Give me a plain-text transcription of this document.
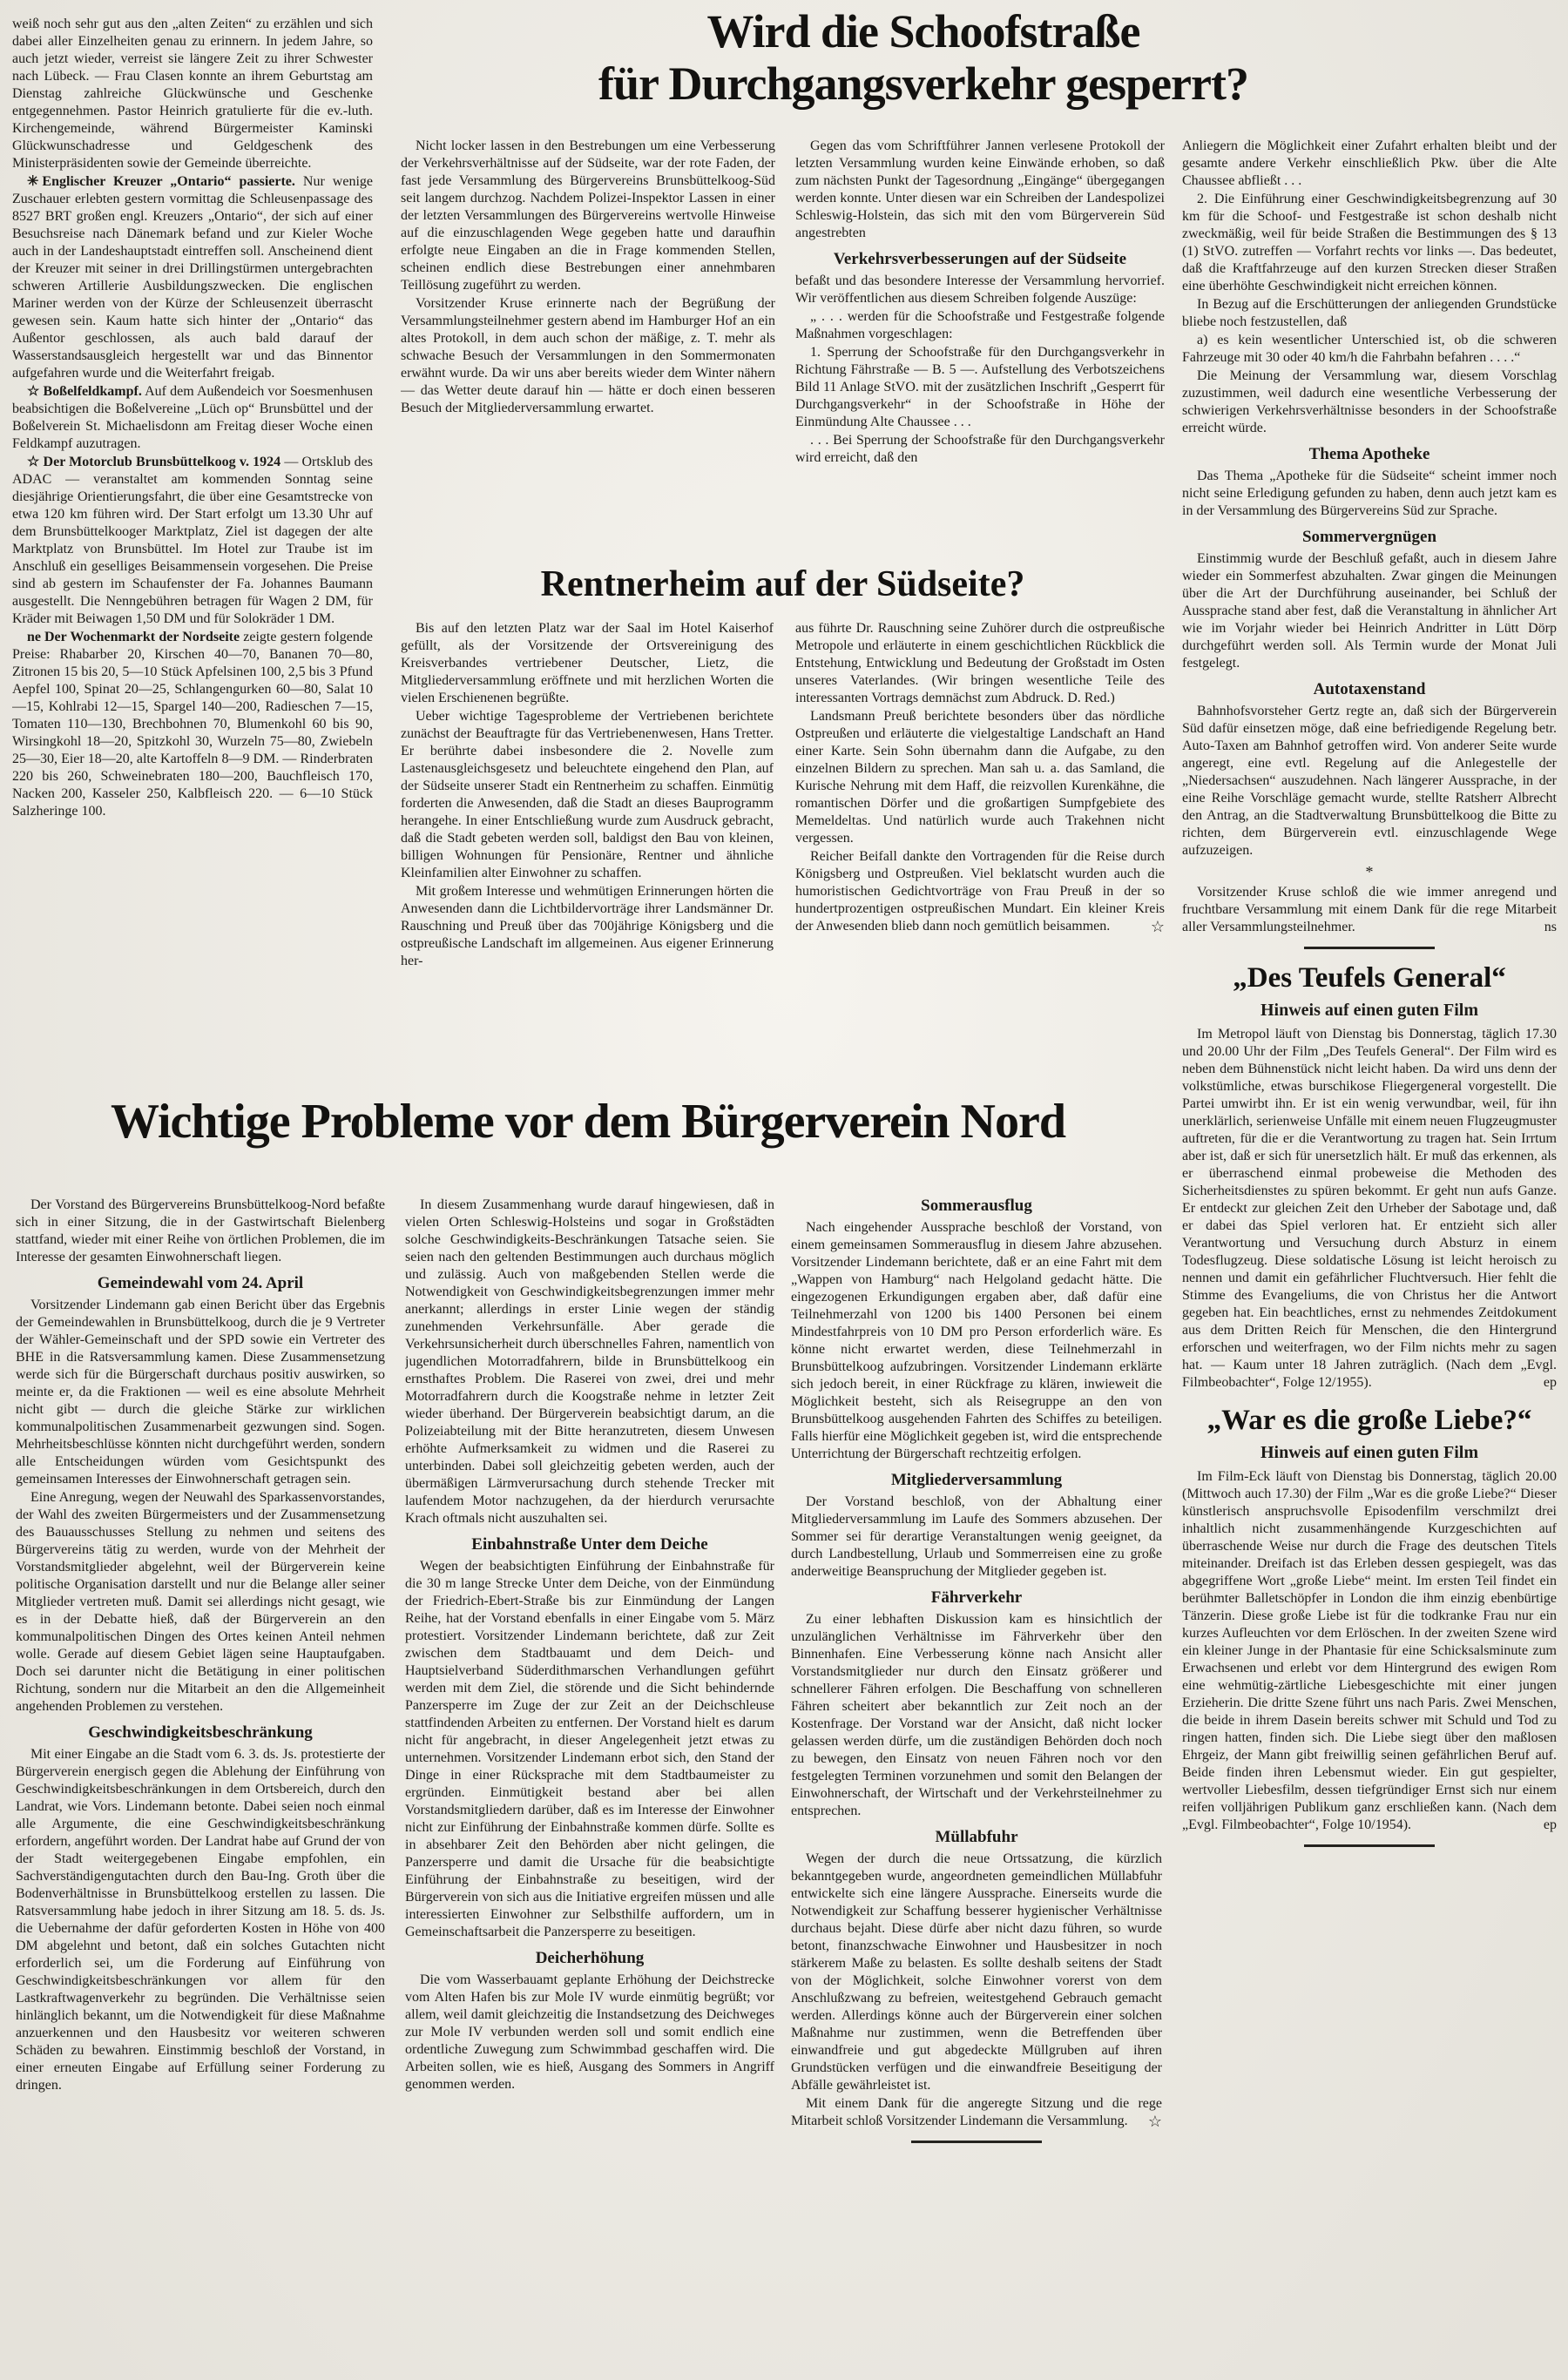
weiß noch sehr gut aus den „alten Zeiten“ zu erzählen und sich dabei aller Einzelheiten genau zu erinnern. In jedem Jahre, so auch jetzt wieder, verreist sie längere Zeit zu ihrer Schwester nach Lübeck. — Frau Clasen konnte an ihrem Geburtstag am Dienstag zahlreiche Glückwünsche und Geschenke entgegennehmen. Pastor Heinrich gratulierte für die ev.-luth. Kirchengemeinde, während Bürgermeister Kaminski Glückwunschadresse und Geldgeschenk des Ministerpräsidenten sowie der Gemeinde überreichte.

✳ Englischer Kreuzer „Ontario“ passierte. Nur wenige Zuschauer erlebten gestern vormittag die Schleusenpassage des 8527 BRT großen engl. Kreuzers „Ontario“, der sich auf einer Besuchsreise nach Dänemark befand und zur Kieler Woche auch in der Landeshauptstadt eintreffen soll. Anscheinend dient der Kreuzer mit seiner in drei Drillingstürmen untergebrachten schweren Artillerie Ausbildungszwecken. Die englischen Mariner werden von der Kürze der Schleusenzeit überrascht gewesen sein. Kaum hatte sich hinter der „Ontario“ das Außentor geschlossen, als auch bald darauf der Wasserstandsausgleich hergestellt war und das Binnentor aufgefahren wurde und die Weiterfahrt freigab.

☆ Boßelfeldkampf. Auf dem Außendeich vor Soesmenhusen beabsichtigen die Boßelvereine „Lüch op“ Brunsbüttel und der Boßelverein St. Michaelisdonn am Freitag dieser Woche einen Feldkampf auzutragen.

☆ Der Motorclub Brunsbüttelkoog v. 1924 — Ortsklub des ADAC — veranstaltet am kommenden Sonntag seine diesjährige Orientierungsfahrt, die über eine Gesamtstrecke von etwa 120 km führen wird. Der Start erfolgt um 13.30 Uhr auf dem Brunsbüttelkooger Marktplatz, Ziel ist dagegen der alte Marktplatz von Brunsbüttel. Im Hotel zur Traube ist im Anschluß ein geselliges Beisammensein vorgesehen. Die Preise sind ab gestern im Schaufenster der Fa. Johannes Baumann ausgestellt. Die Nenngebühren betragen für Wagen 2 DM, für Kräder mit Beiwagen 1,50 DM und für Solokräder 1 DM.

ne Der Wochenmarkt der Nordseite zeigte gestern folgende Preise: Rhabarber 20, Kirschen 40—70, Bananen 70—80, Zitronen 15 bis 20, 5—10 Stück Apfelsinen 100, 2,5 bis 3 Pfund Aepfel 100, Spinat 20—25, Schlangengurken 60—80, Salat 10—15, Kohlrabi 12—15, Spargel 140—200, Radieschen 7—15, Tomaten 110—130, Brechbohnen 70, Blumenkohl 60 bis 90, Wirsingkohl 18—20, Spitzkohl 30, Wurzeln 75—80, Zwiebeln 25—30, Eier 18—20, alte Kartoffeln 8—9 DM. — Rinderbraten 220 bis 260, Schweinebraten 180—200, Bauchfleisch 170, Nacken 200, Kasseler 250, Kalbfleisch 220. — 6—10 Stück Salzheringe 100.

Wird die Schoofstraße
für Durchgangsverkehr gesperrt?

Nicht locker lassen in den Bestrebungen um eine Verbesserung der Verkehrsverhältnisse auf der Südseite, war der rote Faden, der fast jede Versammlung des Bürgervereins Brunsbüttelkoog-Süd seit langem durchzog. Nachdem Polizei-Inspektor Lassen in einer der letzten Versammlungen des Bürgervereins wertvolle Hinweise auf die einzuschlagenden Wege gegeben hatte und daraufhin erfolgte neue Eingaben an die in Frage kommenden Stellen, scheinen endlich diese Bestrebungen einer annehmbaren Teillösung zugeführt zu werden.

Vorsitzender Kruse erinnerte nach der Begrüßung der Versammlungsteilnehmer gestern abend im Hamburger Hof an ein altes Protokoll, in dem auch schon der mäßige, z. T. mehr als schwache Besuch der Versammlungen in den Sommermonaten erwähnt wurde. Da wir uns aber bereits wieder dem Winter nähern — das Wetter deute darauf hin — hätte er doch einen besseren Besuch der Mitgliederversammlung erwartet.

Gegen das vom Schriftführer Jannen verlesene Protokoll der letzten Versammlung wurden keine Einwände erhoben, so daß zum nächsten Punkt der Tagesordnung „Eingänge“ übergegangen werden konnte. Unter diesen war ein Schreiben der Landespolizei Schleswig-Holstein, das sich mit den vom Bürgerverein Süd angestrebten

Verkehrsverbesserungen auf der Südseite

befaßt und das besondere Interesse der Versammlung hervorrief. Wir veröffentlichen aus diesem Schreiben folgende Auszüge:

„ . . . werden für die Schoofstraße und Festgestraße folgende Maßnahmen vorgeschlagen:

1. Sperrung der Schoofstraße für den Durchgangsverkehr in Richtung Fährstraße — B. 5 —. Aufstellung des Verbotszeichens Bild 11 Anlage StVO. mit der zusätzlichen Inschrift „Gesperrt für Durchgangsverkehr“ in der Schoofstraße in Höhe der Einmündung Alte Chaussee . . .

. . . Bei Sperrung der Schoofstraße für den Durchgangsverkehr wird erreicht, daß den

Rentnerheim auf der Südseite?

Bis auf den letzten Platz war der Saal im Hotel Kaiserhof gefüllt, als der Vorsitzende der Ortsvereinigung des Kreisverbandes vertriebener Deutscher, Lietz, die Mitgliederversammlung eröffnete und mit herzlichen Worten die vielen Erschienenen begrüßte.

Ueber wichtige Tagesprobleme der Vertriebenen berichtete zunächst der Beauftragte für das Vertriebenenwesen, Hans Tretter. Er berührte dabei insbesondere die 2. Novelle zum Lastenausgleichsgesetz und beleuchtete eingehend den Plan, auf der Südseite unserer Stadt ein Rentnerheim zu schaffen. Einmütig forderten die Anwesenden, daß die Stadt an dieses Bauprogramm herangehe. In einer Entschließung wurde zum Ausdruck gebracht, daß die Stadt gebeten werden soll, baldigst den Bau von kleinen, billigen Wohnungen für Pensionäre, Rentner und ähnliche Kleinfamilien alter Einwohner zu schaffen.

Mit großem Interesse und wehmütigen Erinnerungen hörten die Anwesenden dann die Lichtbildervorträge ihrer Landsmänner Dr. Rauschning und Preuß über das 700jährige Königsberg und die ostpreußische Landschaft im allgemeinen. Aus eigener Erinnerung her-

aus führte Dr. Rauschning seine Zuhörer durch die ostpreußische Metropole und erläuterte in einem geschichtlichen Rückblick die Entstehung, Entwicklung und Bedeutung der Großstadt im Osten unseres Vaterlandes. (Wir bringen wesentliche Teile des interessanten Vortrags demnächst zum Abdruck. D. Red.)

Landsmann Preuß berichtete besonders über das nördliche Ostpreußen und erläuterte die vielgestaltige Landschaft an Hand einer Karte. Sein Sohn übernahm dann die Aufgabe, zu den einzelnen Bildern zu sprechen. Man sah u. a. das Samland, die Kurische Nehrung mit dem Haff, die reizvollen Kurenkähne, die romantischen Dörfer und die großartigen Sumpfgebiete des Memeldeltas. Und natürlich wurde auch Trakehnen nicht vergessen.

Reicher Beifall dankte den Vortragenden für die Reise durch Königsberg und Ostpreußen. Viel beklatscht wurden auch die humoristischen Gedichtvorträge von Frau Preuß in der so hundertprozentigen ostpreußischen Mundart. Ein kleiner Kreis der Anwesenden blieb dann noch gemütlich beisammen.	☆

Anliegern die Möglichkeit einer Zufahrt erhalten bleibt und der gesamte andere Verkehr einschließlich Pkw. über die Alte Chaussee abfließt . . .

2. Die Einführung einer Geschwindigkeitsbegrenzung auf 30 km für die Schoof- und Festgestraße ist schon deshalb nicht zweckmäßig, weil für beide Straßen die Bestimmungen des § 13 (1) StVO. zutreffen — Vorfahrt rechts vor links —. Das bedeutet, daß die Kraftfahrzeuge auf den kurzen Strecken dieser Straßen eine überhöhte Geschwindigkeit nicht erreichen können.

In Bezug auf die Erschütterungen der anliegenden Grundstücke bliebe noch festzustellen, daß

a) es kein wesentlicher Unterschied ist, ob die schweren Fahrzeuge mit 30 oder 40 km/h die Fahrbahn befahren . . . .“

Die Meinung der Versammlung war, diesem Vorschlag zuzustimmen, weil dadurch eine wesentliche Verbesserung der schwierigen Verkehrsverhältnisse besonders in der Schoofstraße erreicht würde.

Thema Apotheke

Das Thema „Apotheke für die Südseite“ scheint immer noch nicht seine Erledigung gefunden zu haben, denn auch jetzt kam es in der Versammlung des Bürgervereins Süd zur Sprache.

Sommervergnügen

Einstimmig wurde der Beschluß gefaßt, auch in diesem Jahre wieder ein Sommerfest abzuhalten. Zwar gingen die Meinungen über die Art der Durchführung auseinander, bei Schluß der Aussprache stand aber fest, daß die Veranstaltung in ähnlicher Art wie im Vorjahr wieder bei Heinrich Andritter in Lütt Dörp durchgeführt werden soll. Als Termin wurde der Monat Juli festgelegt.

Autotaxenstand

Bahnhofsvorsteher Gertz regte an, daß sich der Bürgerverein Süd dafür einsetzen möge, daß eine befriedigende Regelung betr. Auto-Taxen am Bahnhof getroffen wird. Von anderer Seite wurde angeregt, eine evtl. Regelung auf die Anlegestelle der „Niedersachsen“ auszudehnen. Nach längerer Aussprache, in der eine Reihe Vorschläge gemacht wurde, stellte Ratsherr Albrecht den Antrag, an die Stadtverwaltung Brunsbüttelkoog die Bitte zu richten, dem Bürgerverein evtl. einzuschlagende Wege aufzuzeigen.

*

Vorsitzender Kruse schloß die wie immer anregend und fruchtbare Versammlung mit einem Dank für die rege Mitarbeit aller Versammlungsteilnehmer.	ns
„Des Teufels General“
Hinweis auf einen guten Film

Im Metropol läuft von Dienstag bis Donnerstag, täglich 17.30 und 20.00 Uhr der Film „Des Teufels General“. Der Film wird es neben dem Bühnenstück nicht leicht haben. Da wird uns denn der volkstümliche, etwas burschikose Fliegergeneral vorgestellt. Die Partei umwirbt ihn. Er ist ein wenig verwundbar, weil, für ihn unerklärlich, serienweise Unfälle mit einem neuen Flugzeugmuster auftreten, für die er die Verantwortung zu tragen hat. Sein Irrtum aber ist, daß er sich für unersetzlich hält. Er muß das erkennen, als er überraschend einmal probeweise die Methoden des Sicherheitsdienstes zu spüren bekommt. Er geht nun aufs Ganze. Er entdeckt zur gleichen Zeit den Urheber der Sabotage und, daß er dabei das Spiel verloren hat. Er entzieht sich aller Verantwortung und Versuchung durch Absturz in einem Todesflugzeug. Diese soldatische Lösung ist leicht heroisch zu nennen und damit ein gefährlicher Fluchtversuch. Hier fehlt die Stimme des Evangeliums, die von Christus her die Antwort gegeben hat. Ein beachtliches, ernst zu nehmendes Zeitdokument aus dem Dritten Reich für Menschen, die den Hintergrund erforschen und weiterfragen, wo der Film nichts mehr zu sagen hat. — Kaum unter 18 Jahren zuträglich. (Nach dem „Evgl. Filmbeobachter“, Folge 12/1955).	ep
„War es die große Liebe?“
Hinweis auf einen guten Film

Im Film-Eck läuft von Dienstag bis Donnerstag, täglich 20.00 (Mittwoch auch 17.30) der Film „War es die große Liebe?“ Dieser künstlerisch anspruchsvolle Episodenfilm verschmilzt drei inhaltlich nicht zusammenhängende Kurzgeschichten auf überraschende Weise nur durch die Frage des deutschen Titels miteinander. Dreifach ist das Erleben dessen gespiegelt, was das abgegriffene Wort „große Liebe“ meint. Im ersten Teil findet ein berühmter Balletschöpfer in London die ihm einzig ebenbürtige Tänzerin. Diese große Liebe ist für die todkranke Frau nur ein kurzes Aufleuchten vor dem Erlöschen. In der zweiten Szene wird ein kleiner Junge in der Phantasie für eine Schicksalsminute zum Erwachsenen und erlebt vor dem Hintergrund des ewigen Rom eine wehmütig-zärtliche Liebesgeschichte mit einer jungen Erzieherin. Die dritte Szene führt uns nach Paris. Zwei Menschen, die beide in ihrem Dasein bereits schwer mit Schuld und Tod zu ringen hatten, finden sich. Die Liebe siegt über den maßlosen Ehrgeiz, der Mann gibt freiwillig seinen gefährlichen Beruf auf. Beide finden ihren Lebensmut wieder. Ein gut gespielter, wertvoller Liebesfilm, dessen tiefgründiger Ernst sich nur einem reifen volljährigen Publikum ganz erschließen kann. (Nach dem „Evgl. Filmbeobachter“, Folge 10/1954).	ep
Wichtige Probleme vor dem Bürgerverein Nord

Der Vorstand des Bürgervereins Brunsbüttelkoog-Nord befaßte sich in einer Sitzung, die in der Gastwirtschaft Bielenberg stattfand, wieder mit einer Reihe von örtlichen Problemen, die im Interesse der gesamten Einwohnerschaft liegen.

Gemeindewahl vom 24. April

Vorsitzender Lindemann gab einen Bericht über das Ergebnis der Gemeindewahlen in Brunsbüttelkoog, durch die je 9 Vertreter der Wähler-Gemeinschaft und der SPD sowie ein Vertreter des BHE in die Ratsversammlung kamen. Diese Zusammensetzung werde sich für die Bürgerschaft durchaus positiv auswirken, so meinte er, da die Fraktionen — weil es eine absolute Mehrheit nicht gibt — durch die gleiche Stärke zur wirklichen kommunalpolitischen Zusammenarbeit gezwungen sind. Sogen. Mehrheitsbeschlüsse könnten nicht durchgeführt werden, sondern alle Entscheidungen würden vom Gesichtspunkt des gemeinsamen Interesses der Einwohnerschaft getragen sein.

Eine Anregung, wegen der Neuwahl des Sparkassenvorstandes, der Wahl des zweiten Bürgermeisters und der Zusammensetzung des Bauausschusses Stellung zu nehmen und seitens des Bürgervereins tätig zu werden, wurde von der Mehrheit der Vorstandsmitglieder abgelehnt, weil der Bürgerverein keine politische Organisation darstellt und nur die Belange aller seiner Mitglieder vertreten muß. Damit sei allerdings nicht gesagt, wie es in der Debatte hieß, daß der Bürgerverein an den kommunalpolitischen Dingen des Ortes keinen Anteil nehmen wolle. Gerade auf diesem Gebiet lägen seine Hauptaufgaben. Doch sei darunter nicht die Betätigung in einer politischen Richtung, sondern nur die Mitarbeit an den die Allgemeinheit angehenden Problemen zu verstehen.

Geschwindigkeitsbeschränkung

Mit einer Eingabe an die Stadt vom 6. 3. ds. Js. protestierte der Bürgerverein energisch gegen die Ablehung der Einführung von Geschwindigkeitsbeschränkungen in dem Ortsbereich, durch den Landrat, wie Vors. Lindemann betonte. Dabei seien noch einmal alle Argumente, die eine Geschwindigkeitsbeschränkung erfordern, angeführt worden. Der Landrat habe auf Grund der von der Stadt weitergegebenen Eingabe empfohlen, ein Sachverständigengutachten durch den Bau-Ing. Groth über die Bodenverhältnisse in Brunsbüttelkoog erstellen zu lassen. Die Ratsversammlung habe jedoch in ihrer Sitzung am 18. 5. ds. Js. die Uebernahme der dafür geforderten Kosten in Höhe von 400 DM abgelehnt und betont, daß ein solches Gutachten nicht erforderlich sei, um die Forderung auf Einführung von Geschwindigkeitsbeschränkungen vor allem für den Lastkraftwagenverkehr zu begründen. Die Verhältnisse seien hinlänglich bekannt, um die Notwendigkeit für diese Maßnahme anzuerkennen und den Hausbesitz vor weiteren schweren Schäden zu bewahren. Einstimmig beschloß der Vorstand, in einer erneuten Eingabe auf Erfüllung seiner Forderung zu dringen.

In diesem Zusammenhang wurde darauf hingewiesen, daß in vielen Orten Schleswig-Holsteins und sogar in Großstädten solche Geschwindigkeits-Beschränkungen Tatsache seien. Sie seien nach den geltenden Bestimmungen auch durchaus möglich und zulässig. Auch von maßgebenden Stellen werde die Notwendigkeit von Geschwindigkeitsbegrenzungen immer mehr anerkannt; allerdings in erster Linie wegen der ständig zunehmenden Verkehrsunfälle. Aber gerade die Verkehrsunsicherheit durch überschnelles Fahren, namentlich von jugendlichen Motorradfahrern, bilde in Brunsbüttelkoog ein ernsthaftes Problem. Die Raserei von zwei, drei und mehr Motorradfahrern durch die Koogstraße nehme in letzter Zeit wieder überhand. Der Bürgerverein beabsichtigt darum, an die Polizeiabteilung mit der Bitte heranzutreten, diesem Unwesen erhöhte Aufmerksamkeit zu widmen und die Raserei zu unterbinden. Dabei soll gleichzeitig gebeten werden, auch der übermäßigen Lärmverursachung durch stehende Trecker mit laufendem Motor nachzugehen, da der hierdurch verursachte Krach oftmals nicht auszuhalten sei.

Einbahnstraße Unter dem Deiche

Wegen der beabsichtigten Einführung der Einbahnstraße für die 30 m lange Strecke Unter dem Deiche, von der Einmündung der Friedrich-Ebert-Straße bis zur Einmündung der Langen Reihe, hat der Vorstand ebenfalls in einer Eingabe vom 5. März protestiert. Vorsitzender Lindemann berichtete, daß zur Zeit zwischen dem Stadtbauamt und dem Deich- und Hauptsielverband Süderdithmarschen Verhandlungen geführt werden mit dem Ziel, die störende und die Sicht behindernde Panzersperre im Zuge der zur Zeit an der Deichschleuse stattfindenden Arbeiten zu entfernen. Der Vorstand hielt es darum nicht für angebracht, in dieser Angelegenheit jetzt etwas zu unternehmen. Vorsitzender Lindemann erbot sich, den Stand der Dinge in einer Rücksprache mit dem Stadtbaumeister zu ergründen. Einmütigkeit bestand aber bei allen Vorstandsmitgliedern darüber, daß es im Interesse der Einwohner nicht zur Einführung der Einbahnstraße kommen dürfe. Sollte es in absehbarer Zeit den Behörden aber nicht gelingen, die Panzersperre und damit die Ursache für die beabsichtigte Einführung der Einbahnstraße zu beseitigen, wird der Bürgerverein von sich aus die Initiative ergreifen müssen und alle interessierten Einwohner zur Selbsthilfe auffordern, um in Gemeinschaftsarbeit die Panzersperre zu beseitigen.

Deicherhöhung

Die vom Wasserbauamt geplante Erhöhung der Deichstrecke vom Alten Hafen bis zur Mole IV wurde einmütig begrüßt; vor allem, weil damit gleichzeitig die Instandsetzung des Deichweges zur Mole IV verbunden werden soll und somit endlich eine ordentliche Zuwegung zum Schwimmbad geschaffen wird. Die Arbeiten sollen, wie es hieß, Ausgang des Sommers in Angriff genommen werden.

Sommerausflug

Nach eingehender Aussprache beschloß der Vorstand, von einem gemeinsamen Sommerausflug in diesem Jahre abzusehen. Vorsitzender Lindemann berichtete, daß er an eine Fahrt mit dem „Wappen von Hamburg“ nach Helgoland gedacht hätte. Die eingezogenen Erkundigungen ergaben aber, daß dafür eine Teilnehmerzahl von 1200 bis 1400 Personen bei einem Mindestfahrpreis von 10 DM pro Person erforderlich wäre. Es könne nicht erwartet werden, diese Teilnehmerzahl in Brunsbüttelkoog aufzubringen. Vorsitzender Lindemann erklärte sich jedoch bereit, in einer Rückfrage zu klären, inwieweit die Möglichkeit besteht, sich als Reisegruppe an den von Brunsbüttelkoog ausgehenden Fahrten des Schiffes zu beteiligen. Falls hierfür eine Möglichkeit gegeben ist, wird die entsprechende Unterrichtung der Bürgerschaft rechtzeitig erfolgen.

Mitgliederversammlung

Der Vorstand beschloß, von der Abhaltung einer Mitgliederversammlung im Laufe des Sommers abzusehen. Der Sommer sei für derartige Veranstaltungen wenig geeignet, da durch Landbestellung, Urlaub und Sommerreisen eine zu große anderweitige Beanspruchung der Mitglieder gegeben ist.

Fährverkehr

Zu einer lebhaften Diskussion kam es hinsichtlich der unzulänglichen Verhältnisse im Fährverkehr über den Binnenhafen. Eine Verbesserung könne nach Ansicht aller Vorstandsmitglieder nur durch den Einsatz größerer und schnellerer Fähren erfolgen. Die Beschaffung von schnelleren Fähren scheitert aber bekanntlich zur Zeit noch an der Kostenfrage. Der Vorstand war der Ansicht, daß nicht locker gelassen werden dürfe, um die zuständigen Behörden doch noch zu bewegen, den Einsatz von neuen Fähren noch vor den festgelegten Terminen vorzunehmen und somit den Belangen der Einwohnerschaft, der Wirtschaft und der Verkehrsteilnehmer zu entsprechen.

Müllabfuhr

Wegen der durch die neue Ortssatzung, die kürzlich bekanntgegeben wurde, angeordneten gemeindlichen Müllabfuhr entwickelte sich eine längere Aussprache. Einerseits wurde die Notwendigkeit zur Schaffung besserer hygienischer Verhältnisse durchaus bejaht. Diese dürfe aber nicht dazu führen, so wurde betont, finanzschwache Einwohner und Hausbesitzer in noch stärkerem Maße zu belasten. Es sollte deshalb seitens der Stadt von der Möglichkeit, solche Einwohner vorerst von dem Anschlußzwang zu befreien, weitestgehend Gebrauch gemacht werden. Allerdings könne auch der Bürgerverein einer solchen Maßnahme nur zustimmen, wenn die Betreffenden über einwandfreie und gut abgedeckte Müllgruben auf ihren Grundstücken verfügen und die einwandfreie Beseitigung der Abfälle gewährleistet ist.

Mit einem Dank für die angeregte Sitzung und die rege Mitarbeit schloß Vorsitzender Lindemann die Versammlung.	☆
